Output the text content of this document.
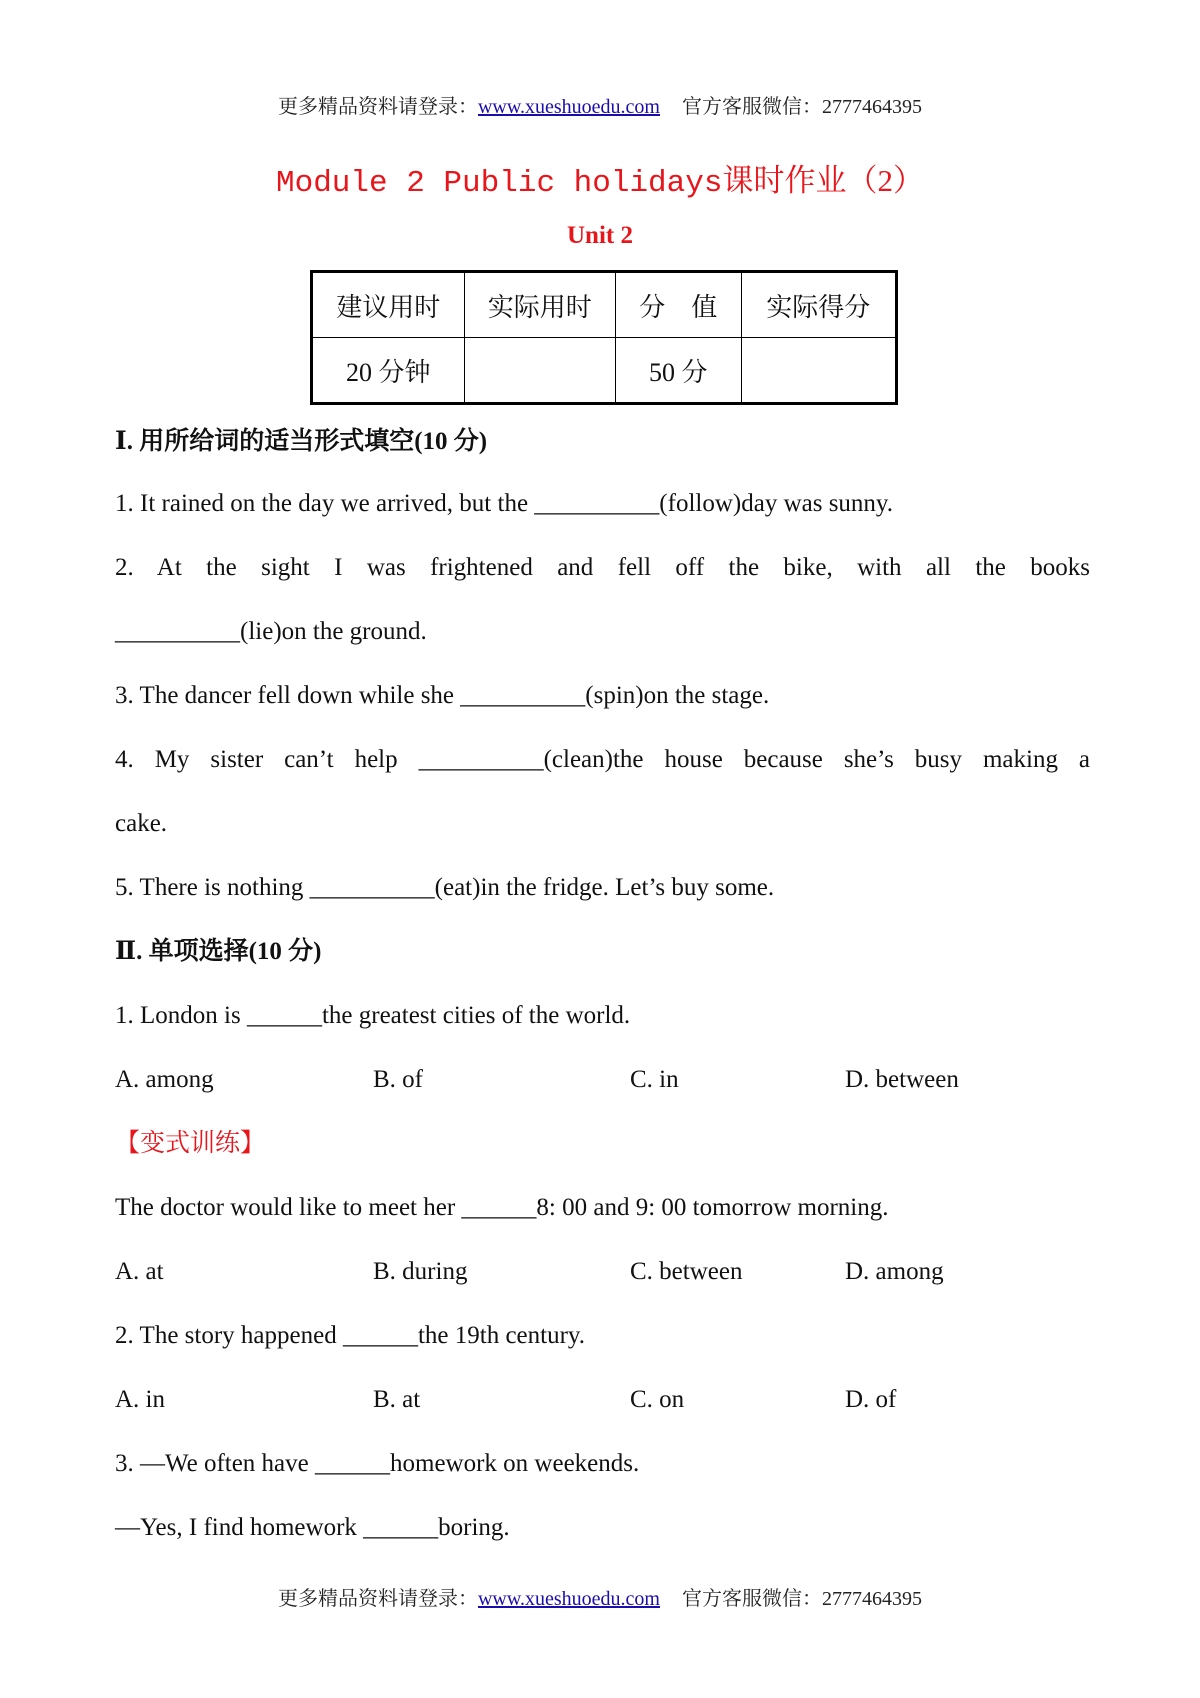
更多精品资料请登录：www.xueshuoedu.com 官方客服微信：2777464395
Module 2 Public holidays课时作业（2）
Unit 2
建议用时	实际用时	分　值	实际得分
20 分钟		50 分	
Ⅰ. 用所给词的适当形式填空(10 分)
1. It rained on the day we arrived, but the __________(follow)day was sunny.
2. At the sight I was frightened and fell off the bike, with all the books
__________(lie)on the ground.
3. The dancer fell down while she __________(spin)on the stage.
4. My sister can’t help __________(clean)the house because she’s busy making a
cake.
5. There is nothing __________(eat)in the fridge. Let’s buy some.
Ⅱ. 单项选择(10 分)
1. London is ______the greatest cities of the world.
A. among	B. of	C. in	D. between
【变式训练】
The doctor would like to meet her ______8: 00 and 9: 00 tomorrow morning.
A. at	B. during	C. between	D. among
2. The story happened ______the 19th century.
A. in	B. at	C. on	D. of
3. —We often have ______homework on weekends.
—Yes, I find homework ______boring.
更多精品资料请登录：www.xueshuoedu.com 官方客服微信：2777464395
